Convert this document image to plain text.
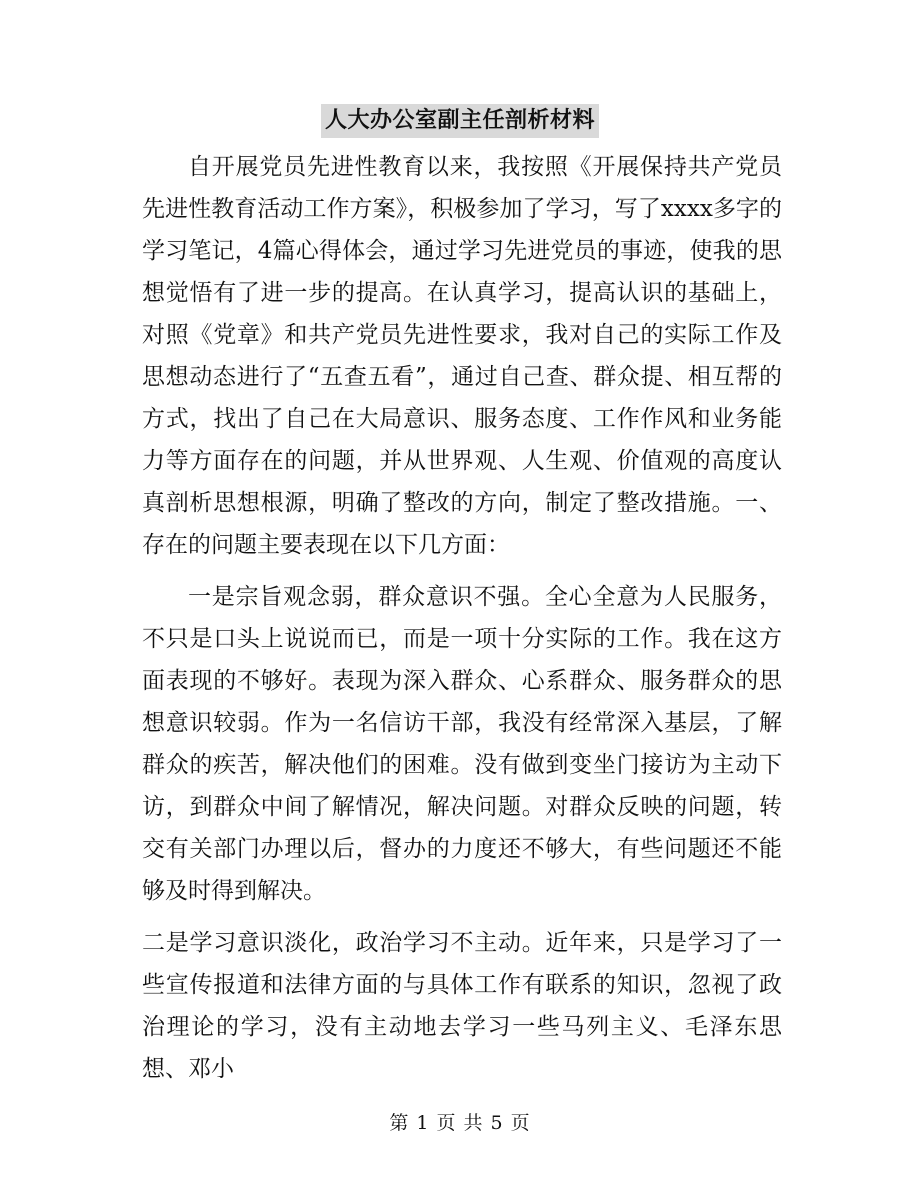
人大办公室副主任剖析材料

自开展党员先进性教育以来，我按照《开展保持共产党员先进性教育活动工作方案》，积极参加了学习，写了xxxx多字的学习笔记，4篇心得体会，通过学习先进党员的事迹，使我的思想觉悟有了进一步的提高。在认真学习，提高认识的基础上，对照《党章》和共产党员先进性要求，我对自己的实际工作及思想动态进行了“五查五看”，通过自己查、群众提、相互帮的方式，找出了自己在大局意识、服务态度、工作作风和业务能力等方面存在的问题，并从世界观、人生观、价值观的高度认真剖析思想根源，明确了整改的方向，制定了整改措施。一、存在的问题主要表现在以下几方面：

一是宗旨观念弱，群众意识不强。全心全意为人民服务，不只是口头上说说而已，而是一项十分实际的工作。我在这方面表现的不够好。表现为深入群众、心系群众、服务群众的思想意识较弱。作为一名信访干部，我没有经常深入基层，了解群众的疾苦，解决他们的困难。没有做到变坐门接访为主动下访，到群众中间了解情况，解决问题。对群众反映的问题，转交有关部门办理以后，督办的力度还不够大，有些问题还不能够及时得到解决。

二是学习意识淡化，政治学习不主动。近年来，只是学习了一些宣传报道和法律方面的与具体工作有联系的知识，忽视了政治理论的学习，没有主动地去学习一些马列主义、毛泽东思想、邓小

第 1 页 共 5 页
